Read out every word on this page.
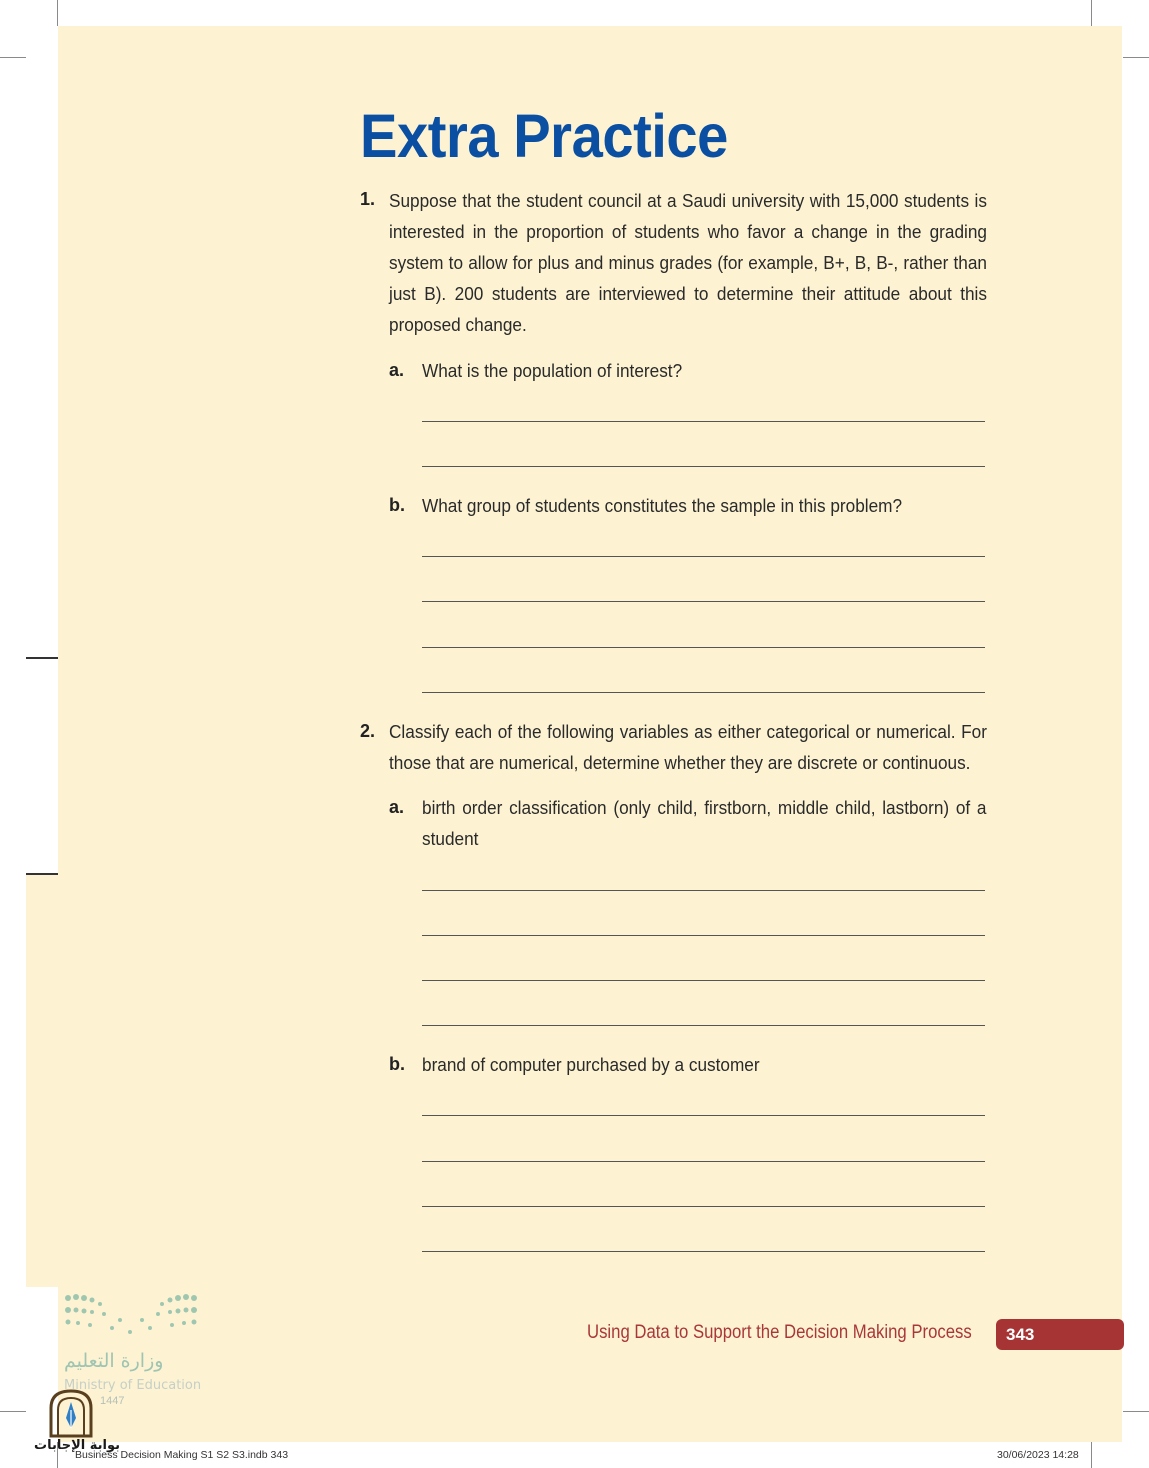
Extra Practice
1. Suppose that the student council at a Saudi university with 15,000 students is interested in the proportion of students who favor a change in the grading system to allow for plus and minus grades (for example, B+, B, B-, rather than just B). 200 students are interviewed to determine their attitude about this proposed change.

a. What is the population of interest?

b. What group of students constitutes the sample in this problem?

2. Classify each of the following variables as either categorical or numerical. For those that are numerical, determine whether they are discrete or continuous.

a. birth order classification (only child, firstborn, middle child, lastborn) of a student

b. brand of computer purchased by a customer

Using Data to Support the Decision Making Process 343
وزارة التعليم
Ministry of Education
1447
بوابة الإجابات
Business Decision Making S1 S2 S3.indb 343	30/06/2023 14:28
